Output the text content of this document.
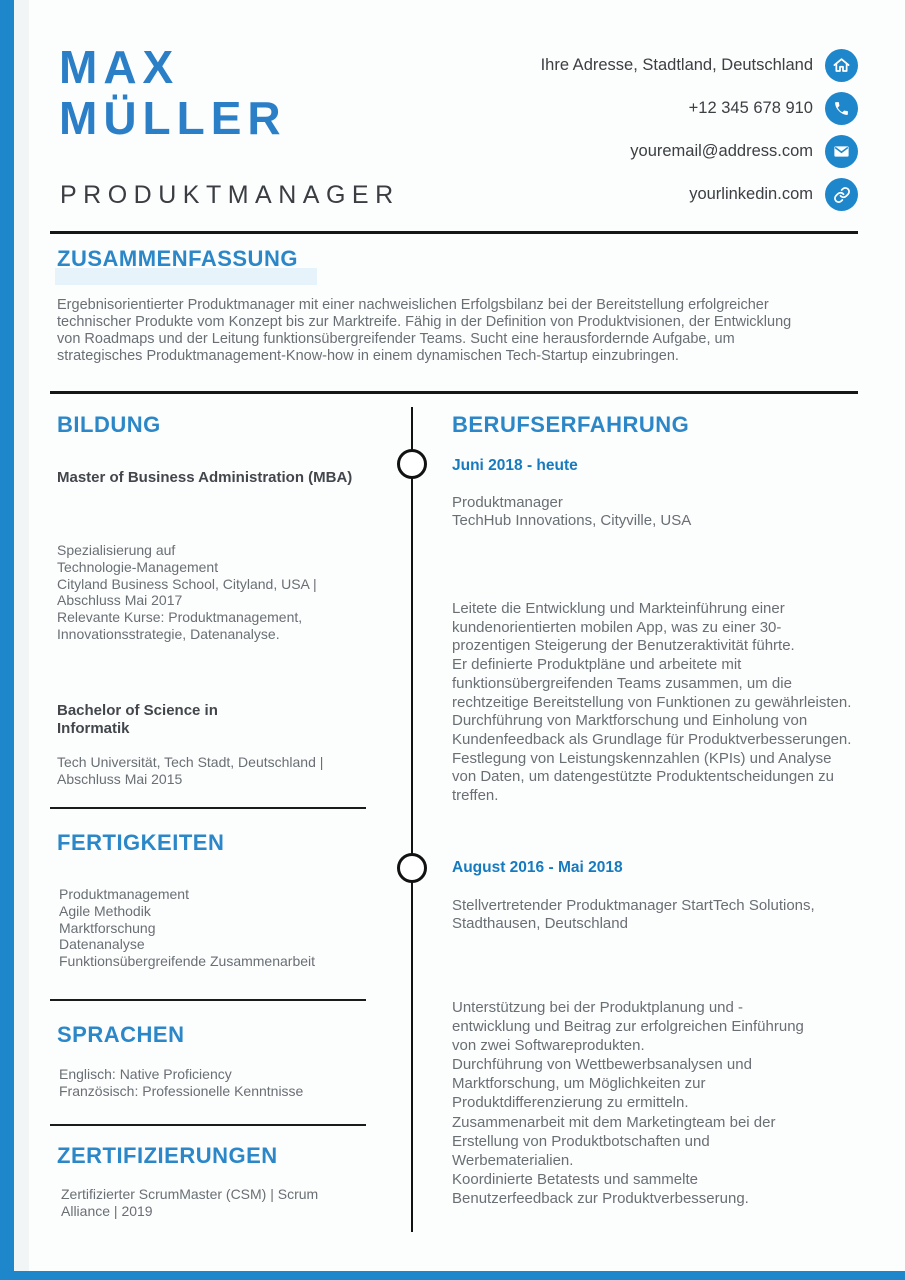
MAX
MÜLLER
PRODUKTMANAGER
Ihre Adresse, Stadtland, Deutschland
+12 345 678 910
youremail@address.com
yourlinkedin.com
ZUSAMMENFASSUNG
Ergebnisorientierter Produktmanager mit einer nachweislichen Erfolgsbilanz bei der Bereitstellung erfolgreicher technischer Produkte vom Konzept bis zur Marktreife. Fähig in der Definition von Produktvisionen, der Entwicklung von Roadmaps und der Leitung funktionsübergreifender Teams. Sucht eine herausfordernde Aufgabe, um strategisches Produktmanagement-Know-how in einem dynamischen Tech-Startup einzubringen.
BILDUNG
Master of Business Administration (MBA)
Spezialisierung auf
Technologie-Management
Cityland Business School, Cityland, USA |
Abschluss Mai 2017
Relevante Kurse: Produktmanagement,
Innovationsstrategie, Datenanalyse.
Bachelor of Science in Informatik
Tech Universität, Tech Stadt, Deutschland | Abschluss Mai 2015
FERTIGKEITEN
Produktmanagement
Agile Methodik
Marktforschung
Datenanalyse
Funktionsübergreifende Zusammenarbeit
SPRACHEN
Englisch: Native Proficiency
Französisch: Professionelle Kenntnisse
ZERTIFIZIERUNGEN
Zertifizierter ScrumMaster (CSM) | Scrum Alliance | 2019
BERUFSERFAHRUNG
Juni 2018 - heute
Produktmanager
TechHub Innovations, Cityville, USA
Leitete die Entwicklung und Markteinführung einer kundenorientierten mobilen App, was zu einer 30-prozentigen Steigerung der Benutzeraktivität führte.
Er definierte Produktpläne und arbeitete mit funktionsübergreifenden Teams zusammen, um die rechtzeitige Bereitstellung von Funktionen zu gewährleisten.
Durchführung von Marktforschung und Einholung von Kundenfeedback als Grundlage für Produktverbesserungen.
Festlegung von Leistungskennzahlen (KPIs) und Analyse von Daten, um datengestützte Produktentscheidungen zu treffen.
August 2016 - Mai 2018
Stellvertretender Produktmanager StartTech Solutions, Stadthausen, Deutschland
Unterstützung bei der Produktplanung und -entwicklung und Beitrag zur erfolgreichen Einführung von zwei Softwareprodukten.
Durchführung von Wettbewerbsanalysen und Marktforschung, um Möglichkeiten zur Produktdifferenzierung zu ermitteln.
Zusammenarbeit mit dem Marketingteam bei der Erstellung von Produktbotschaften und Werbematerialien.
Koordinierte Betatests und sammelte Benutzerfeedback zur Produktverbesserung.
